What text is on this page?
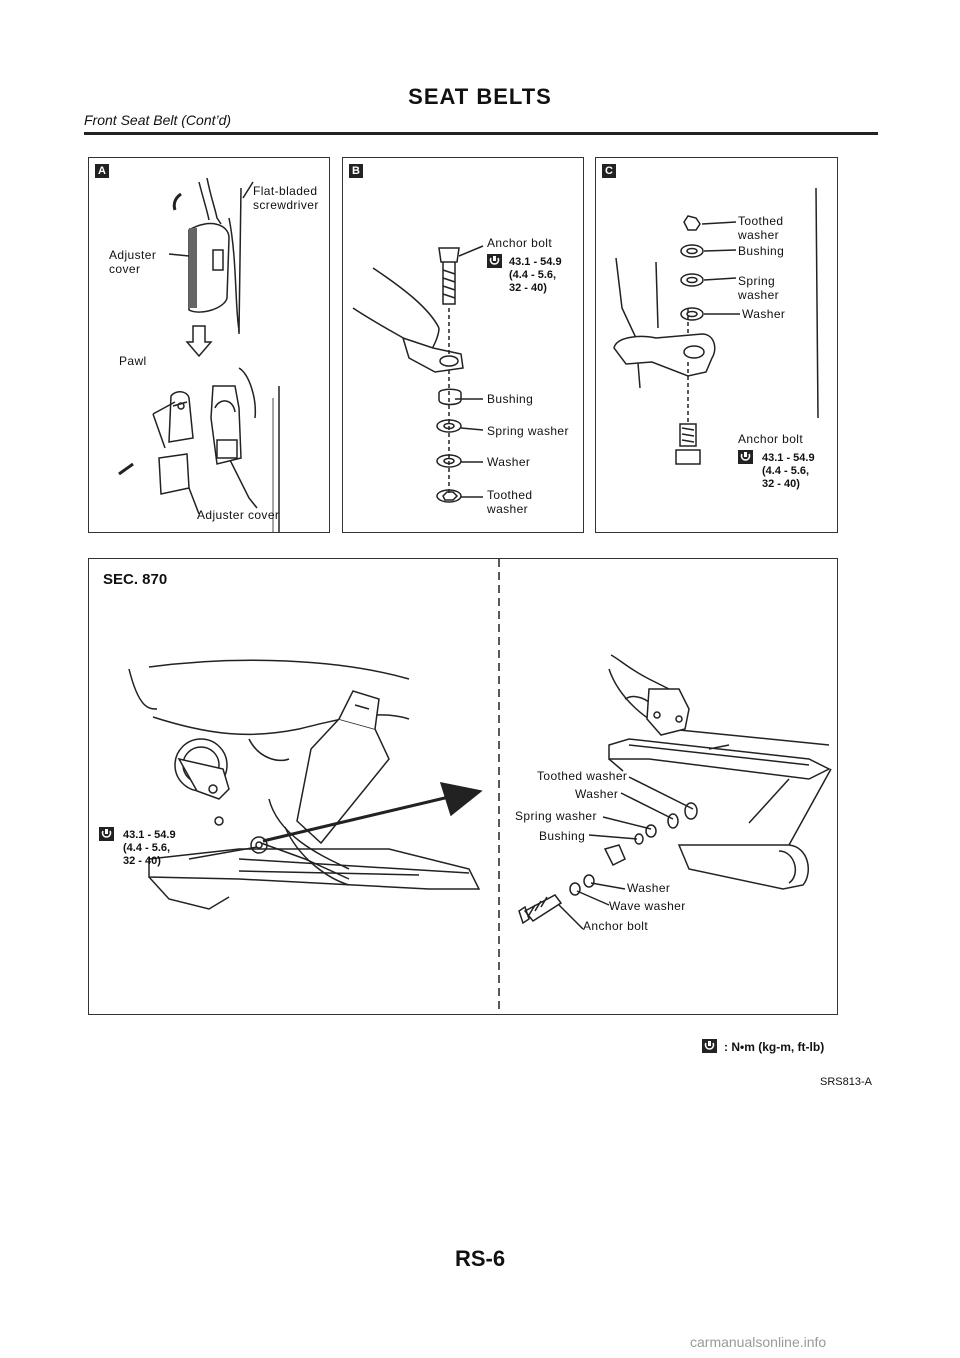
SEAT BELTS
Front Seat Belt (Cont’d)
A
Flat-bladed
screwdriver
Adjuster
cover
Pawl
Adjuster cover
B
Anchor bolt
43.1 - 54.9
(4.4 - 5.6,
32 - 40)
Bushing
Spring washer
Washer
Toothed
washer
C
Toothed
washer
Bushing
Spring
washer
Washer
Anchor bolt
43.1 - 54.9
(4.4 - 5.6,
32 - 40)
SEC. 870
43.1 - 54.9
(4.4 - 5.6,
32 - 40)
Toothed washer
Washer
Spring washer
Bushing
Washer
Wave washer
Anchor bolt
: N•m (kg-m, ft-lb)
SRS813-A
RS-6
carmanualsonline.info
